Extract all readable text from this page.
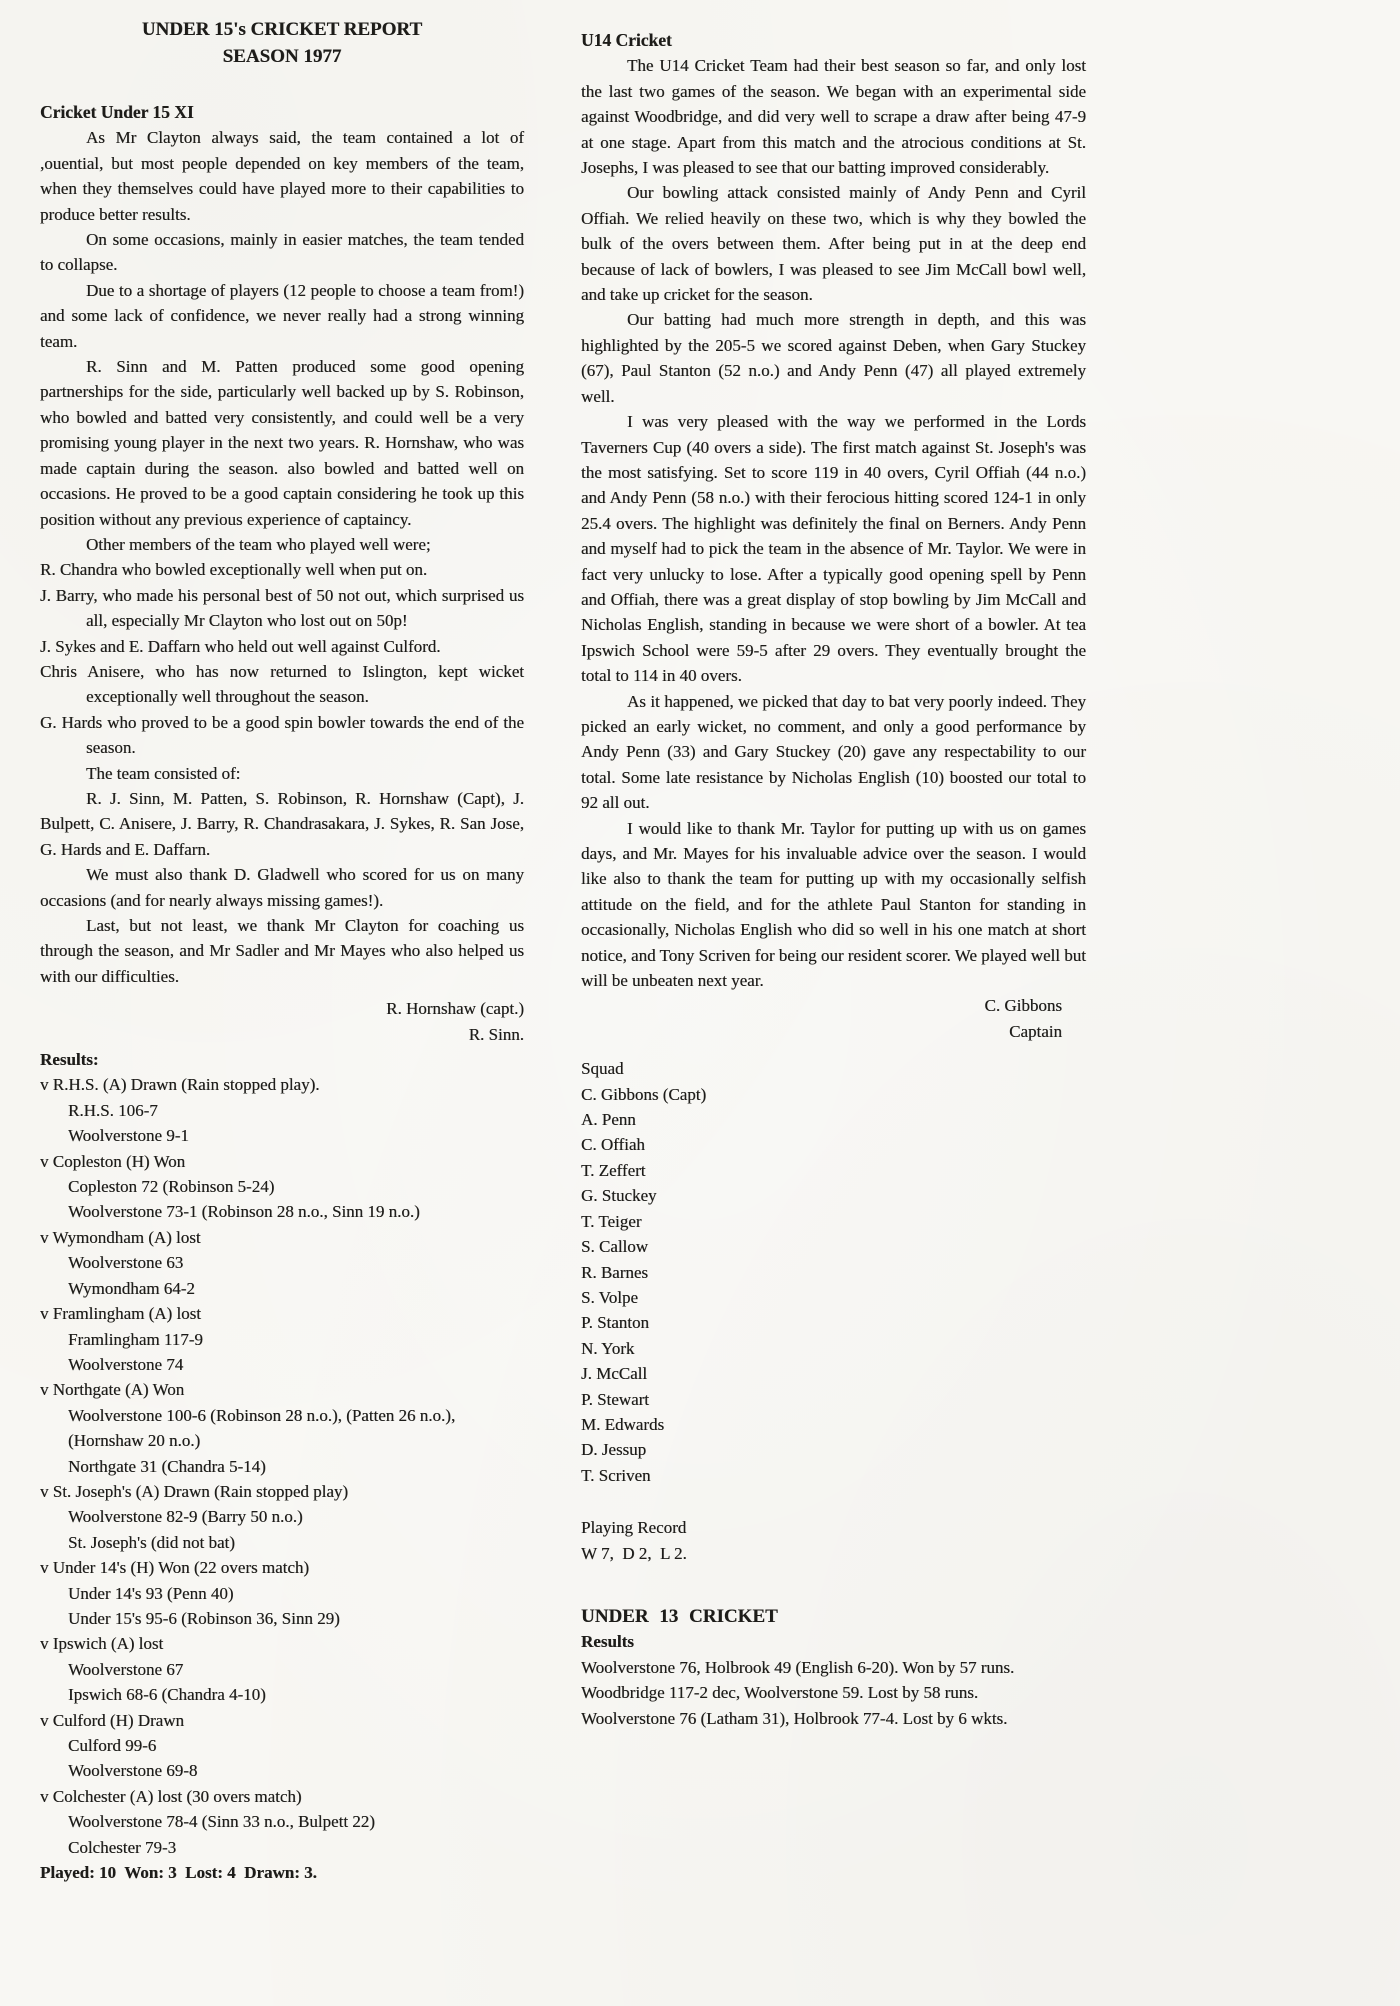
UNDER 15's CRICKET REPORT
SEASON 1977
Cricket Under 15 XI

As Mr Clayton always said, the team contained a lot of ,ouential, but most people depended on key members of the team, when they themselves could have played more to their capabilities to produce better results.

On some occasions, mainly in easier matches, the team tended to collapse.

Due to a shortage of players (12 people to choose a team from!) and some lack of confidence, we never really had a strong winning team.

R. Sinn and M. Patten produced some good opening partnerships for the side, particularly well backed up by S. Robinson, who bowled and batted very consistently, and could well be a very promising young player in the next two years. R. Hornshaw, who was made captain during the season. also bowled and batted well on occasions. He proved to be a good captain considering he took up this position without any previous experience of captaincy.

Other members of the team who played well were;

R. Chandra who bowled exceptionally well when put on.
J. Barry, who made his personal best of 50 not out, which surprised us all, especially Mr Clayton who lost out on 50p!
J. Sykes and E. Daffarn who held out well against Culford.
Chris Anisere, who has now returned to Islington, kept wicket exceptionally well throughout the season.
G. Hards who proved to be a good spin bowler towards the end of the season.

The team consisted of:

R. J. Sinn, M. Patten, S. Robinson, R. Hornshaw (Capt), J. Bulpett, C. Anisere, J. Barry, R. Chandrasakara, J. Sykes, R. San Jose, G. Hards and E. Daffarn.

We must also thank D. Gladwell who scored for us on many occasions (and for nearly always missing games!).

Last, but not least, we thank Mr Clayton for coaching us through the season, and Mr Sadler and Mr Mayes who also helped us with our difficulties.

R. Hornshaw (capt.)

R. Sinn.

Results:
v R.H.S. (A) Drawn (Rain stopped play).
R.H.S. 106-7
Woolverstone 9-1
v Copleston (H) Won
Copleston 72 (Robinson 5-24)
Woolverstone 73-1 (Robinson 28 n.o., Sinn 19 n.o.)
v Wymondham (A) lost
Woolverstone 63
Wymondham 64-2
v Framlingham (A) lost
Framlingham 117-9
Woolverstone 74
v Northgate (A) Won
Woolverstone 100-6 (Robinson 28 n.o.), (Patten 26 n.o.),
(Hornshaw 20 n.o.)
Northgate 31 (Chandra 5-14)
v St. Joseph's (A) Drawn (Rain stopped play)
Woolverstone 82-9 (Barry 50 n.o.)
St. Joseph's (did not bat)
v Under 14's (H) Won (22 overs match)
Under 14's 93 (Penn 40)
Under 15's 95-6 (Robinson 36, Sinn 29)
v Ipswich (A) lost
Woolverstone 67
Ipswich 68-6 (Chandra 4-10)
v Culford (H) Drawn
Culford 99-6
Woolverstone 69-8
v Colchester (A) lost (30 overs match)
Woolverstone 78-4 (Sinn 33 n.o., Bulpett 22)
Colchester 79-3

Played: 10  Won: 3  Lost: 4  Drawn: 3.

U14 Cricket

The U14 Cricket Team had their best season so far, and only lost the last two games of the season. We began with an experimental side against Woodbridge, and did very well to scrape a draw after being 47-9 at one stage. Apart from this match and the atrocious conditions at St. Josephs, I was pleased to see that our batting improved considerably.

Our bowling attack consisted mainly of Andy Penn and Cyril Offiah. We relied heavily on these two, which is why they bowled the bulk of the overs between them. After being put in at the deep end because of lack of bowlers, I was pleased to see Jim McCall bowl well, and take up cricket for the season.

Our batting had much more strength in depth, and this was highlighted by the 205-5 we scored against Deben, when Gary Stuckey (67), Paul Stanton (52 n.o.) and Andy Penn (47) all played extremely well.

I was very pleased with the way we performed in the Lords Taverners Cup (40 overs a side). The first match against St. Joseph's was the most satisfying. Set to score 119 in 40 overs, Cyril Offiah (44 n.o.) and Andy Penn (58 n.o.) with their ferocious hitting scored 124-1 in only 25.4 overs. The highlight was definitely the final on Berners. Andy Penn and myself had to pick the team in the absence of Mr. Taylor. We were in fact very unlucky to lose. After a typically good opening spell by Penn and Offiah, there was a great display of stop bowling by Jim McCall and Nicholas English, standing in because we were short of a bowler. At tea Ipswich School were 59-5 after 29 overs. They eventually brought the total to 114 in 40 overs.

As it happened, we picked that day to bat very poorly indeed. They picked an early wicket, no comment, and only a good performance by Andy Penn (33) and Gary Stuckey (20) gave any respectability to our total. Some late resistance by Nicholas English (10) boosted our total to 92 all out.

I would like to thank Mr. Taylor for putting up with us on games days, and Mr. Mayes for his invaluable advice over the season. I would like also to thank the team for putting up with my occasionally selfish attitude on the field, and for the athlete Paul Stanton for standing in occasionally, Nicholas English who did so well in his one match at short notice, and Tony Scriven for being our resident scorer. We played well but will be unbeaten next year.

C. Gibbons

Captain

Squad

C. Gibbons (Capt)

A. Penn

C. Offiah

T. Zeffert

G. Stuckey

T. Teiger

S. Callow

R. Barnes

S. Volpe

P. Stanton

N. York

J. McCall

P. Stewart

M. Edwards

D. Jessup

T. Scriven

Playing Record

W 7,  D 2,  L 2.

UNDER 13 CRICKET

Results

Woolverstone 76, Holbrook 49 (English 6-20). Won by 57 runs.
Woodbridge 117-2 dec, Woolverstone 59. Lost by 58 runs.
Woolverstone 76 (Latham 31), Holbrook 77-4. Lost by 6 wkts.
